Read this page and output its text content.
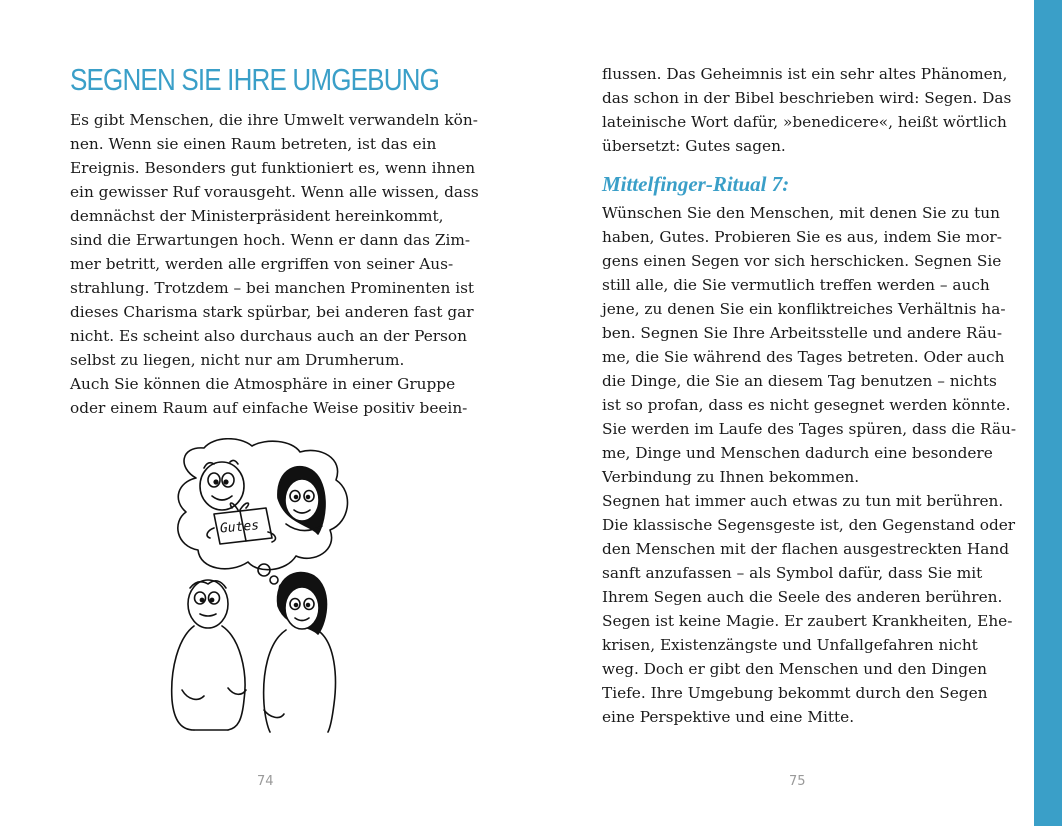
SEGNEN SIE IHRE UMGEBUNG

Es gibt Menschen, die ihre Umwelt verwandeln kön-
nen. Wenn sie einen Raum betreten, ist das ein
Ereignis. Besonders gut funktioniert es, wenn ihnen
ein gewisser Ruf vorausgeht. Wenn alle wissen, dass
demnächst der Ministerpräsident hereinkommt,
sind die Erwartungen hoch. Wenn er dann das Zim-
mer betritt, werden alle ergriffen von seiner Aus-
strahlung. Trotzdem – bei manchen Prominenten ist
dieses Charisma stark spürbar, bei anderen fast gar
nicht. Es scheint also durchaus auch an der Person
selbst zu liegen, nicht nur am Drumherum.
Auch Sie können die Atmosphäre in einer Gruppe
oder einem Raum auf einfache Weise positiv beein-

Gutes

flussen. Das Geheimnis ist ein sehr altes Phänomen,
das schon in der Bibel beschrieben wird: Segen. Das
lateinische Wort dafür, »benedicere«, heißt wörtlich
übersetzt: Gutes sagen.

Mittelfinger-Ritual 7:

Wünschen Sie den Menschen, mit denen Sie zu tun
haben, Gutes. Probieren Sie es aus, indem Sie mor-
gens einen Segen vor sich herschicken. Segnen Sie
still alle, die Sie vermutlich treffen werden – auch
jene, zu denen Sie ein konfliktreiches Verhältnis ha-
ben. Segnen Sie Ihre Arbeitsstelle und andere Räu-
me, die Sie während des Tages betreten. Oder auch
die Dinge, die Sie an diesem Tag benutzen – nichts
ist so profan, dass es nicht gesegnet werden könnte.
Sie werden im Laufe des Tages spüren, dass die Räu-
me, Dinge und Menschen dadurch eine besondere
Verbindung zu Ihnen bekommen.
Segnen hat immer auch etwas zu tun mit berühren.
Die klassische Segensgeste ist, den Gegenstand oder
den Menschen mit der flachen ausgestreckten Hand
sanft anzufassen – als Symbol dafür, dass Sie mit
Ihrem Segen auch die Seele des anderen berühren.
Segen ist keine Magie. Er zaubert Krankheiten, Ehe-
krisen, Existenzängste und Unfallgefahren nicht
weg. Doch er gibt den Menschen und den Dingen
Tiefe. Ihre Umgebung bekommt durch den Segen
eine Perspektive und eine Mitte.

74	75
